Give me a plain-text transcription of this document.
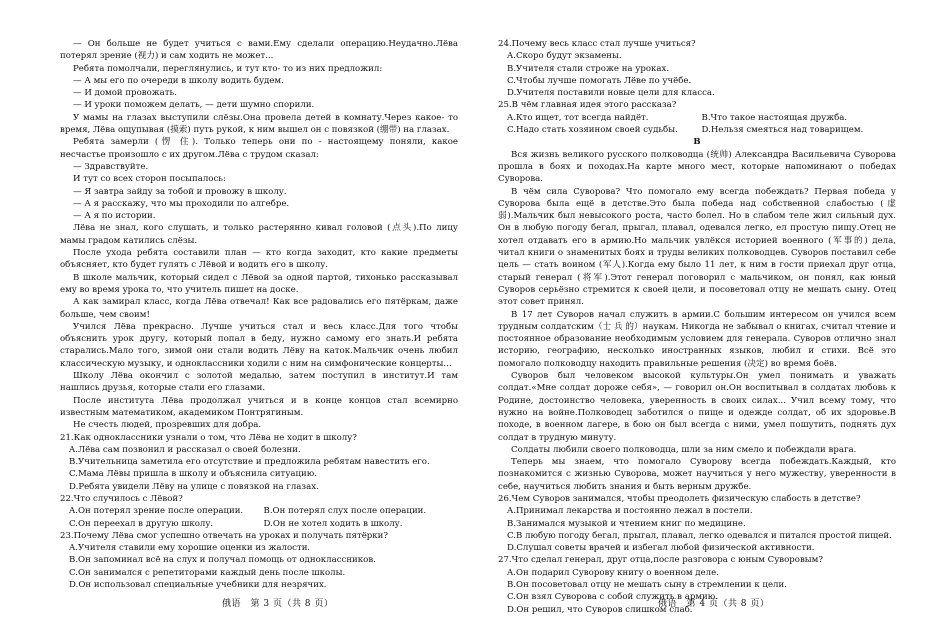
— Он больше не будет учиться с вами.Ему сделали операцию.Неудачно.Лёва потерял зрение (视力) и сам ходить не может...

Ребята помолчали, переглянулись, и тут кто- то из них предложил:

— А мы его по очереди в школу водить будем.

— И домой провожать.

— И уроки поможем делать, — дети шумно спорили.

У мамы на глазах выступили слёзы.Она провела детей в комнату.Через какое- то время, Лёва ощупывая (摸索) путь рукой, к ним вышел он с повязкой (绷带) на глазах.

Ребята замерли (愣 住). Только теперь они по - настоящему поняли, какое несчастье произошло с их другом.Лёва с трудом сказал:

— Здравствуйте.

И тут со всех сторон посыпалось:

— Я завтра зайду за тобой и провожу в школу.

— А я расскажу, что мы проходили по алгебре.

— А я по истории.

Лёва не знал, кого слушать, и только растерянно кивал головой (点头).По лицу мамы градом катились слёзы.

После ухода ребята составили план — кто когда заходит, кто какие предметы объясняет, кто будет гулять с Лёвой и водить его в школу.

В школе мальчик, который сидел с Лёвой за одной партой, тихонько рассказывал ему во время урока то, что учитель пишет на доске.

А как замирал класс, когда Лёва отвечал! Как все радовались его пятёркам, даже больше, чем своим!

Учился Лёва прекрасно. Лучше учиться стал и весь класс.Для того чтобы объяснить урок другу, который попал в беду, нужно самому его знать.И ребята старались.Мало того, зимой они стали водить Лёву на каток.Мальчик очень любил классическую музыку, и одноклассники ходили с ним на симфонические концерты...

Школу Лёва окончил с золотой медалью, затем поступил в институт.И там нашлись друзья, которые стали его глазами.

После института Лёва продолжал учиться и в конце концов стал всемирно известным математиком, академиком Понтрягиным.

Не счесть людей, прозревших для добра.

21.Как одноклассники узнали о том, что Лёва не ходит в школу?

A.Лёва сам позвонил и рассказал о своей болезни.

B.Учительница заметила его отсутствие и предложила ребятам навестить его.

C.Мама Лёвы пришла в школу и объяснила ситуацию.

D.Ребята увидели Лёву на улице с повязкой на глазах.

22.Что случилось с Лёвой?

A.Он потерял зрение после операции.	B.Он потерял слух после операции.
C.Он переехал в другую школу.	D.Он не хотел ходить в школу.

23.Почему Лёва смог успешно отвечать на уроках и получать пятёрки?

A.Учителя ставили ему хорошие оценки из жалости.

B.Он запоминал всё на слух и получал помощь от одноклассников.

C.Он занимался с репетиторами каждый день после школы.

D.Он использовал специальные учебники для незрячих.

24.Почему весь класс стал лучше учиться?

A.Скоро будут экзамены.

B.Учителя стали строже на уроках.

C.Чтобы лучше помогать Лёве по учёбе.

D.Учителя поставили новые цели для класса.

25.В чём главная идея этого рассказа?

A.Кто ищет, тот всегда найдёт.	B.Что такое настоящая дружба.
C.Надо стать хозяином своей судьбы.	D.Нельзя смеяться над товарищем.

B

Вся жизнь великого русского полководца (统帅) Александра Васильевича Суворова прошла в боях и походах.На карте много мест, которые напоминают о победах Суворова.

В чём сила Суворова? Что помогало ему всегда побеждать? Первая победа у Суворова была ещё в детстве.Это была победа над собственной слабостью (虚弱).Мальчик был невысокого роста, часто болел. Но в слабом теле жил сильный дух. Он в любую погоду бегал, прыгал, плавал, одевался легко, ел простую пищу.Отец не хотел отдавать его в армию.Но мальчик увлёкся историей военного (军事的) дела, читал книги о знаменитых боях и труды великих полководцев. Суворов поставил себе цель — стать воином (军人).Когда ему было 11 лет, к ним в гости приехал друг отца, старый генерал (将军).Этот генерал поговорил с мальчиком, он понял, как юный Суворов серьёзно стремится к своей цели, и посоветовал отцу не мешать сыну. Отец этот совет принял.

В 17 лет Суворов начал служить в армии.С большим интересом он учился всем трудным солдатским（士 兵 的）наукам. Никогда не забывал о книгах, считал чтение и постоянное образование необходимым условием для генерала. Суворов отлично знал историю, географию, несколько иностранных языков, любил и стихи. Всё это помогало полководцу находить правильные решения (决定) во время боёв.

Суворов был человеком высокой культуры.Он умел понимать и уважать солдат.«Мне солдат дороже себя», — говорил он.Он воспитывал в солдатах любовь к Родине, достоинство человека, уверенность в своих силах... Учил всему тому, что нужно на войне.Полководец заботился о пище и одежде солдат, об их здоровье.В походе, в военном лагере, в бою он был всегда с ними, умел пошутить, поднять дух солдат в трудную минуту.

Солдаты любили своего полководца, шли за ним смело и побеждали врага.

Теперь мы знаем, что помогало Суворову всегда побеждать.Каждый, кто познакомится с жизнью Суворова, может научиться у него мужеству, уверенности в себе, научиться любить знания и быть верным дружбе.

26.Чем Суворов занимался, чтобы преодолеть физическую слабость в детстве?

A.Принимал лекарства и постоянно лежал в постели.

B.Занимался музыкой и чтением книг по медицине.

C.В любую погоду бегал, прыгал, плавал, легко одевался и питался простой пищей.

D.Слушал советы врачей и избегал любой физической активности.

27.Что сделал генерал, друг отца,после разговора с юным Суворовым?

A.Он подарил Суворову книгу о военном деле.

B.Он посоветовал отцу не мешать сыну в стремлении к цели.

C.Он взял Суворова с собой служить в армию.

D.Он решил, что Суворов слишком слаб.

俄语　第 3 页（共 8 页）	俄语　第 4 页（共 8 页）
